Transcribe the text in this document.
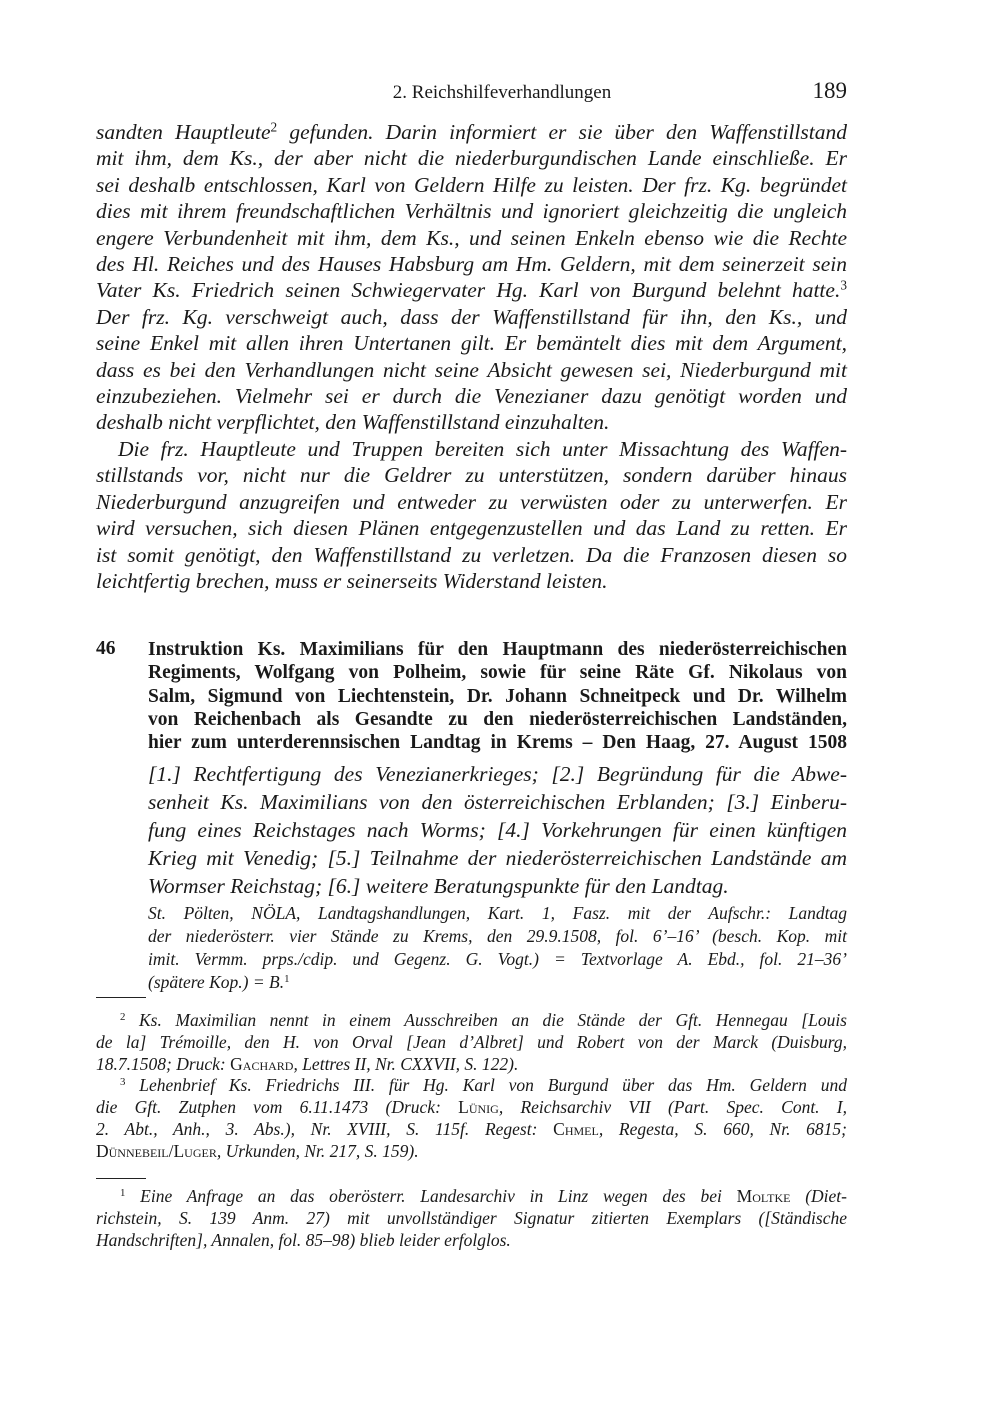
2. Reichshilfeverhandlungen	189
sandten Hauptleute$^2$ gefunden. Darin informiert er sie über den Waffenstillstand
mit ihm, dem Ks., der aber nicht die niederburgundischen Lande einschließe. Er
sei deshalb entschlossen, Karl von Geldern Hilfe zu leisten. Der frz. Kg. begründet
dies mit ihrem freundschaftlichen Verhältnis und ignoriert gleichzeitig die ungleich
engere Verbundenheit mit ihm, dem Ks., und seinen Enkeln ebenso wie die Rechte
des Hl. Reiches und des Hauses Habsburg am Hm. Geldern, mit dem seinerzeit sein
Vater Ks. Friedrich seinen Schwiegervater Hg. Karl von Burgund belehnt hatte.$^3$
Der frz. Kg. verschweigt auch, dass der Waffenstillstand für ihn, den Ks., und
seine Enkel mit allen ihren Untertanen gilt. Er bemäntelt dies mit dem Argument,
dass es bei den Verhandlungen nicht seine Absicht gewesen sei, Niederburgund mit
einzubeziehen. Vielmehr sei er durch die Venezianer dazu genötigt worden und
deshalb nicht verpflichtet, den Waffenstillstand einzuhalten.
Die frz. Hauptleute und Truppen bereiten sich unter Missachtung des Waffen-
stillstands vor, nicht nur die Geldrer zu unterstützen, sondern darüber hinaus
Niederburgund anzugreifen und entweder zu verwüsten oder zu unterwerfen. Er
wird versuchen, sich diesen Plänen entgegenzustellen und das Land zu retten. Er
ist somit genötigt, den Waffenstillstand zu verletzen. Da die Franzosen diesen so
leichtfertig brechen, muss er seinerseits Widerstand leisten.
46 Instruktion Ks. Maximilians für den Hauptmann des niederösterreichischen
Regiments, Wolfgang von Polheim, sowie für seine Räte Gf. Nikolaus von
Salm, Sigmund von Liechtenstein, Dr. Johann Schneitpeck und Dr. Wilhelm
von Reichenbach als Gesandte zu den niederösterreichischen Landständen,
hier zum unterderennsischen Landtag in Krems – Den Haag, 27. August 1508
[1.] Rechtfertigung des Venezianerkrieges; [2.] Begründung für die Abwe-
senheit Ks. Maximilians von den österreichischen Erblanden; [3.] Einberu-
fung eines Reichstages nach Worms; [4.] Vorkehrungen für einen künftigen
Krieg mit Venedig; [5.] Teilnahme der niederösterreichischen Landstände am
Wormser Reichstag; [6.] weitere Beratungspunkte für den Landtag.
St. Pölten, NÖLA, Landtagshandlungen, Kart. 1, Fasz. mit der Aufschr.: Landtag
der niederösterr. vier Stände zu Krems, den 29.9.1508, fol. 6’–16’ (besch. Kop. mit
imit. Vermm. prps./cdip. und Gegenz. G. Vogt.) = Textvorlage A. Ebd., fol. 21–36’
(spätere Kop.) = B.$^1$
$^2$ Ks. Maximilian nennt in einem Ausschreiben an die Stände der Gft. Hennegau [Louis
de la] Trémoille, den H. von Orval [Jean d’Albret] und Robert von der Marck (Duisburg,
18.7.1508; Druck: Gachard, Lettres II, Nr. CXXVII, S. 122).
$^3$ Lehenbrief Ks. Friedrichs III. für Hg. Karl von Burgund über das Hm. Geldern und
die Gft. Zutphen vom 6.11.1473 (Druck: Lünig, Reichsarchiv VII (Part. Spec. Cont. I,
2. Abt., Anh., 3. Abs.), Nr. XVIII, S. 115f. Regest: Chmel, Regesta, S. 660, Nr. 6815;
Dünnebeil/Luger, Urkunden, Nr. 217, S. 159).
$^1$ Eine Anfrage an das oberösterr. Landesarchiv in Linz wegen des bei Moltke (Diet-
richstein, S. 139 Anm. 27) mit unvollständiger Signatur zitierten Exemplars ([Ständische
Handschriften], Annalen, fol. 85–98) blieb leider erfolglos.
